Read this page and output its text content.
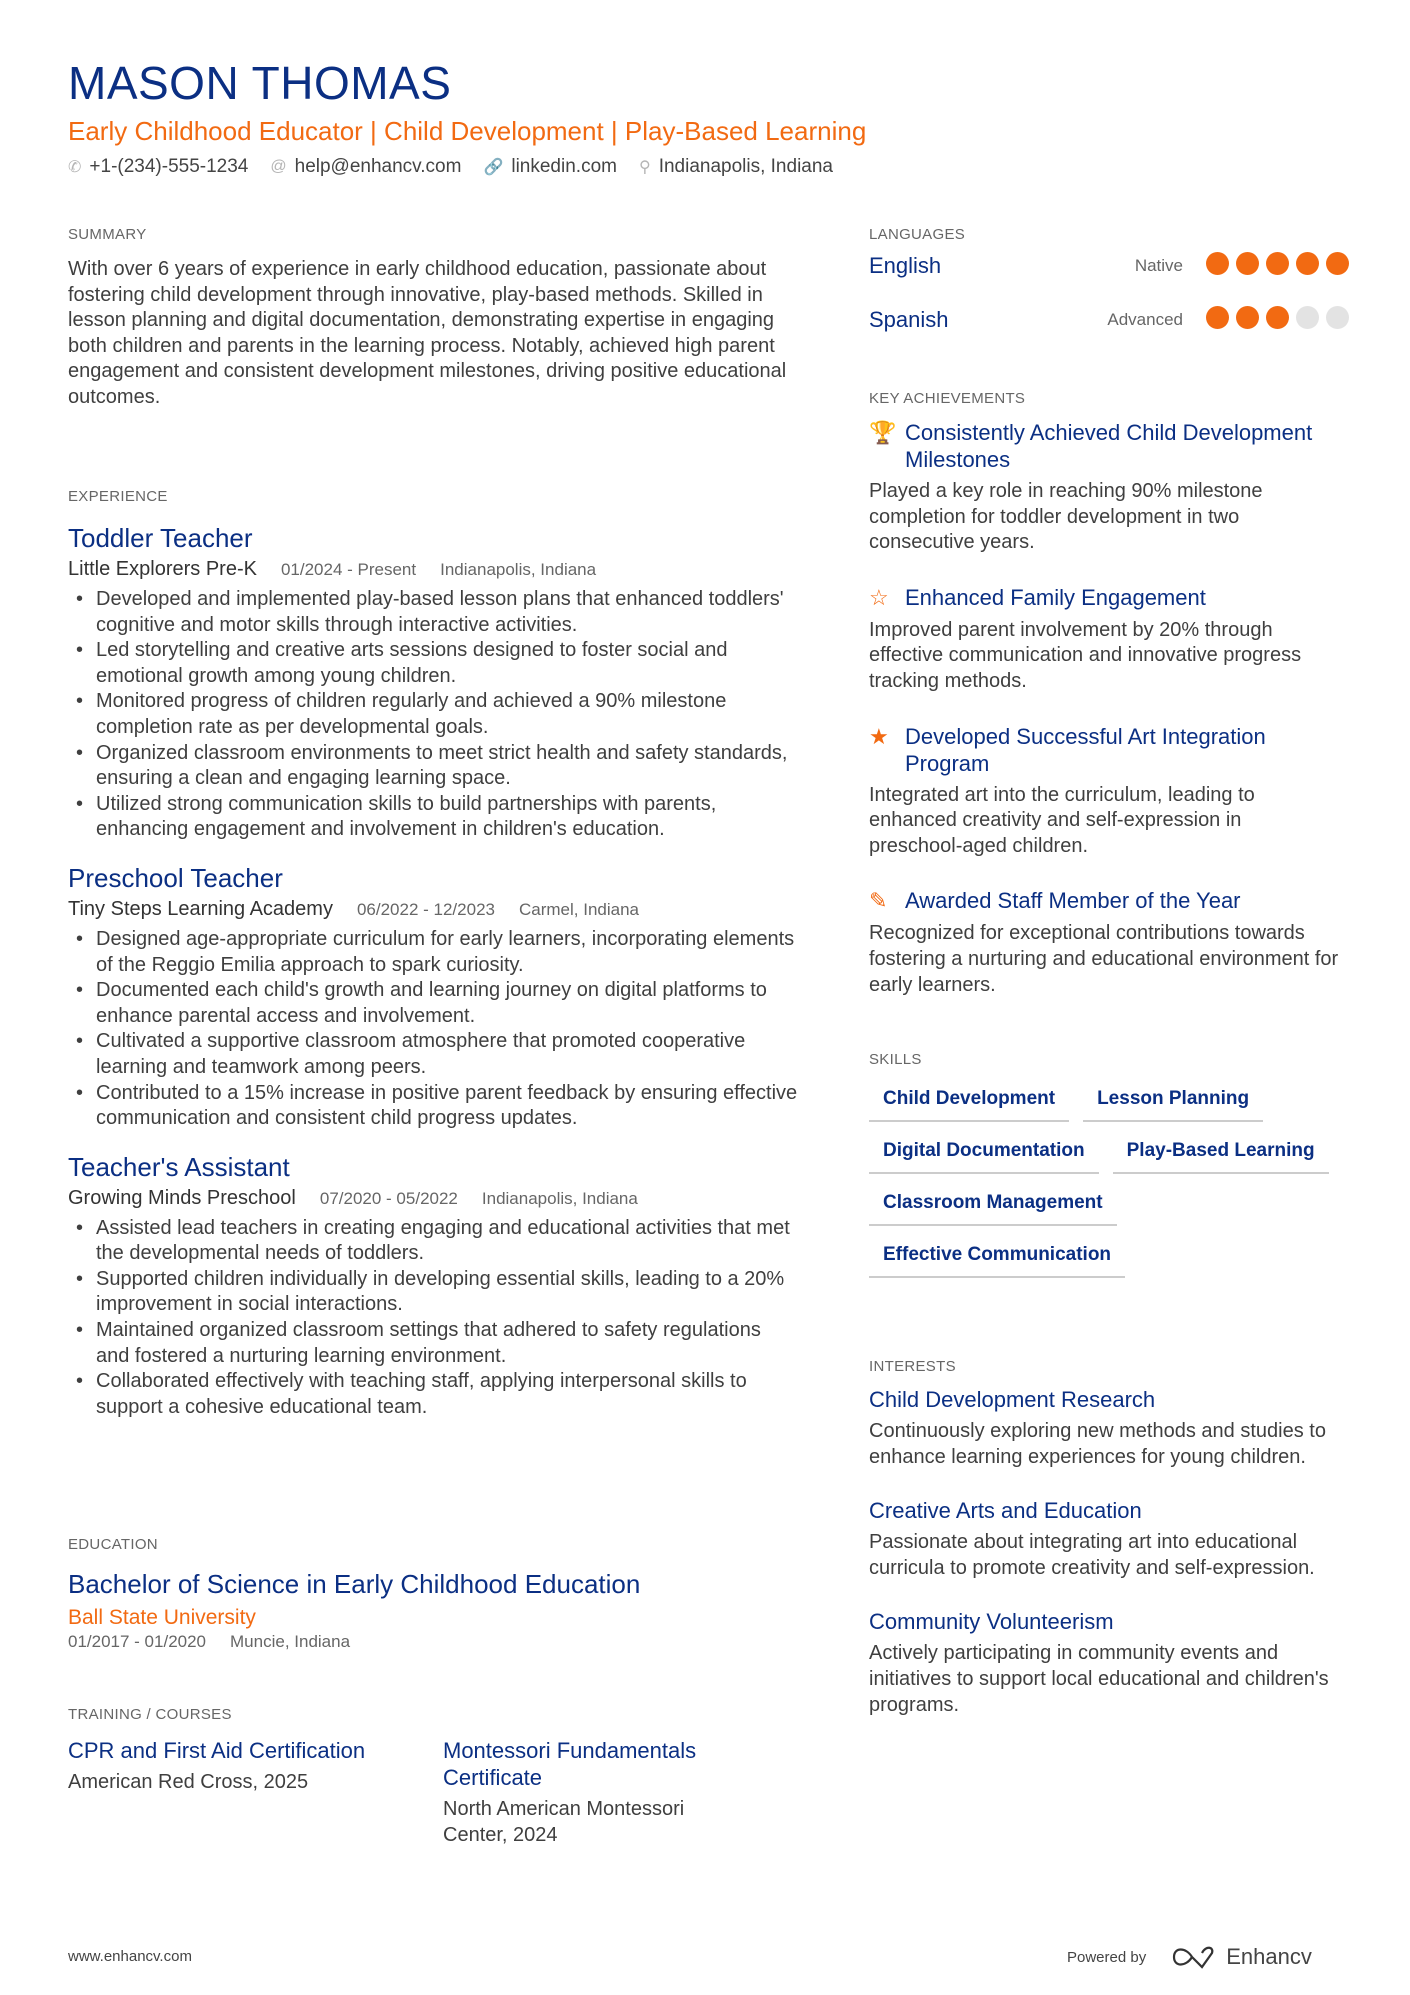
MASON THOMAS
Early Childhood Educator | Child Development | Play-Based Learning
✆ +1-(234)-555-1234 @ help@enhancv.com 🔗 linkedin.com ⚲ Indianapolis, Indiana
SUMMARY
With over 6 years of experience in early childhood education, passionate about fostering child development through innovative, play-based methods. Skilled in lesson planning and digital documentation, demonstrating expertise in engaging both children and parents in the learning process. Notably, achieved high parent engagement and consistent development milestones, driving positive educational outcomes.
EXPERIENCE
Toddler Teacher
Little Explorers Pre-K 01/2024 - Present Indianapolis, Indiana
• Developed and implemented play-based lesson plans that enhanced toddlers' cognitive and motor skills through interactive activities.
• Led storytelling and creative arts sessions designed to foster social and emotional growth among young children.
• Monitored progress of children regularly and achieved a 90% milestone completion rate as per developmental goals.
• Organized classroom environments to meet strict health and safety standards, ensuring a clean and engaging learning space.
• Utilized strong communication skills to build partnerships with parents, enhancing engagement and involvement in children's education.
Preschool Teacher
Tiny Steps Learning Academy 06/2022 - 12/2023 Carmel, Indiana
• Designed age-appropriate curriculum for early learners, incorporating elements of the Reggio Emilia approach to spark curiosity.
• Documented each child's growth and learning journey on digital platforms to enhance parental access and involvement.
• Cultivated a supportive classroom atmosphere that promoted cooperative learning and teamwork among peers.
• Contributed to a 15% increase in positive parent feedback by ensuring effective communication and consistent child progress updates.
Teacher's Assistant
Growing Minds Preschool 07/2020 - 05/2022 Indianapolis, Indiana
• Assisted lead teachers in creating engaging and educational activities that met the developmental needs of toddlers.
• Supported children individually in developing essential skills, leading to a 20% improvement in social interactions.
• Maintained organized classroom settings that adhered to safety regulations and fostered a nurturing learning environment.
• Collaborated effectively with teaching staff, applying interpersonal skills to support a cohesive educational team.
EDUCATION
Bachelor of Science in Early Childhood Education
Ball State University
01/2017 - 01/2020 Muncie, Indiana
TRAINING / COURSES
CPR and First Aid Certification
American Red Cross, 2025
Montessori Fundamentals Certificate
North American Montessori Center, 2024
LANGUAGES
English	Native
Spanish	Advanced
KEY ACHIEVEMENTS
🏆 Consistently Achieved Child Development Milestones
Played a key role in reaching 90% milestone completion for toddler development in two consecutive years.
☆ Enhanced Family Engagement
Improved parent involvement by 20% through effective communication and innovative progress tracking methods.
★ Developed Successful Art Integration Program
Integrated art into the curriculum, leading to enhanced creativity and self-expression in preschool-aged children.
✎ Awarded Staff Member of the Year
Recognized for exceptional contributions towards fostering a nurturing and educational environment for early learners.
SKILLS
Child Development Lesson Planning
Digital Documentation Play-Based Learning
Classroom Management
Effective Communication
INTERESTS
Child Development Research
Continuously exploring new methods and studies to enhance learning experiences for young children.
Creative Arts and Education
Passionate about integrating art into educational curricula to promote creativity and self-expression.
Community Volunteerism
Actively participating in community events and initiatives to support local educational and children's programs.
www.enhancv.com	Powered by	Enhancv
